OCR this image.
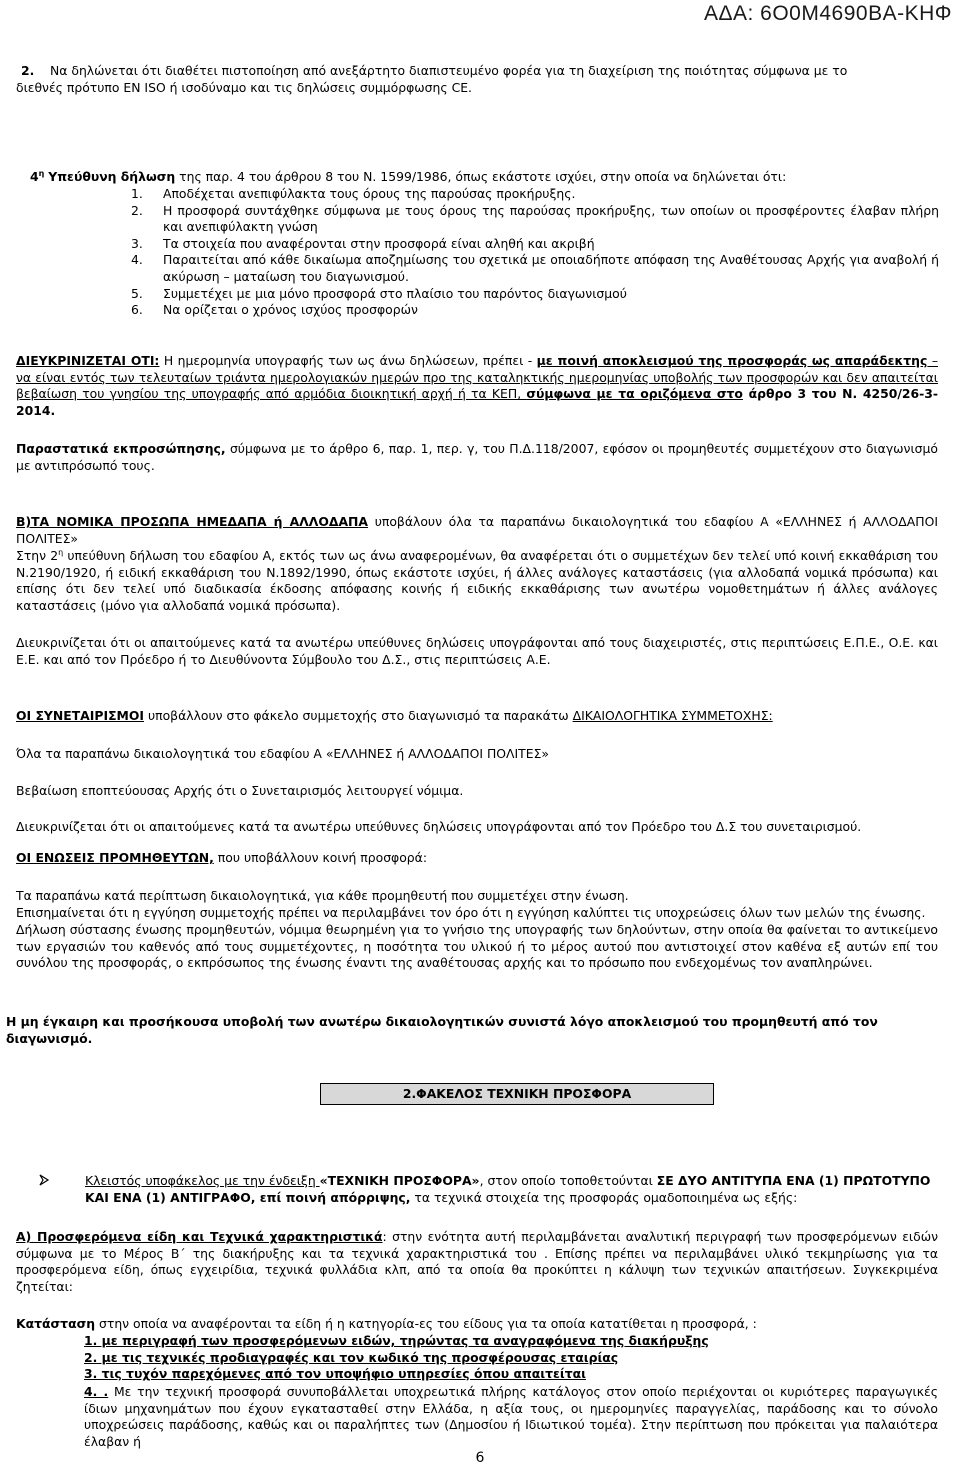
ΑΔΑ: 6Ο0Μ4690ΒΑ-ΚΗΦ
2. Να δηλώνεται ότι διαθέτει πιστοποίηση από ανεξάρτητο διαπιστευμένο φορέα για τη διαχείριση της ποιότητας σύμφωνα με το
διεθνές πρότυπο EN ISO ή ισοδύναμο και τις δηλώσεις συμμόρφωσης CE.
$4^\eta$ Υπεύθυνη δήλωση της παρ. 4 του άρθρου 8 του Ν. 1599/1986, όπως εκάστοτε ισχύει, στην οποία να δηλώνεται ότι:
1. Αποδέχεται ανεπιφύλακτα τους όρους της παρούσας προκήρυξης.
2. Η προσφορά συντάχθηκε σύμφωνα με τους όρους της παρούσας προκήρυξης, των οποίων οι προσφέροντες έλαβαν πλήρη και ανεπιφύλακτη γνώση
3. Τα στοιχεία που αναφέρονται στην προσφορά είναι αληθή και ακριβή
4. Παραιτείται από κάθε δικαίωμα αποζημίωσης του σχετικά με οποιαδήποτε απόφαση της Αναθέτουσας Αρχής για αναβολή ή ακύρωση – ματαίωση του διαγωνισμού.
5. Συμμετέχει με μια μόνο προσφορά στο πλαίσιο του παρόντος διαγωνισμού
6. Να ορίζεται ο χρόνος ισχύος προσφορών
ΔΙΕΥΚΡΙΝΙΖΕΤΑΙ ΟΤΙ: Η ημερομηνία υπογραφής των ως άνω δηλώσεων, πρέπει - με ποινή αποκλεισμού της προσφοράς ως απαράδεκτης –να είναι εντός των τελευταίων τριάντα ημερολογιακών ημερών προ της καταληκτικής ημερομηνίας υποβολής των προσφορών και δεν απαιτείται βεβαίωση του γνησίου της υπογραφής από αρμόδια διοικητική αρχή ή τα ΚΕΠ, σύμφωνα με τα οριζόμενα στο άρθρο 3 του Ν. 4250/26-3-2014.
Παραστατικά εκπροσώπησης, σύμφωνα με το άρθρο 6, παρ. 1, περ. γ, του Π.Δ.118/2007, εφόσον οι προμηθευτές συμμετέχουν στο διαγωνισμό με αντιπρόσωπό τους.
Β)ΤΑ ΝΟΜΙΚΑ ΠΡΟΣΩΠΑ ΗΜΕΔΑΠΑ ή ΑΛΛΟΔΑΠΑ υποβάλουν όλα τα παραπάνω δικαιολογητικά του εδαφίου Α «ΕΛΛΗΝΕΣ ή ΑΛΛΟΔΑΠΟΙ ΠΟΛΙΤΕΣ»
Στην $2^\eta$ υπεύθυνη δήλωση του εδαφίου Α, εκτός των ως άνω αναφερομένων, θα αναφέρεται ότι ο συμμετέχων δεν τελεί υπό κοινή εκκαθάριση του Ν.2190/1920, ή ειδική εκκαθάριση του Ν.1892/1990, όπως εκάστοτε ισχύει, ή άλλες ανάλογες καταστάσεις (για αλλοδαπά νομικά πρόσωπα) και επίσης ότι δεν τελεί υπό διαδικασία έκδοσης απόφασης κοινής ή ειδικής εκκαθάρισης των ανωτέρω νομοθετημάτων ή άλλες ανάλογες καταστάσεις (μόνο για αλλοδαπά νομικά πρόσωπα).
Διευκρινίζεται ότι οι απαιτούμενες κατά τα ανωτέρω υπεύθυνες δηλώσεις υπογράφονται από τους διαχειριστές, στις περιπτώσεις Ε.Π.Ε., Ο.Ε. και Ε.Ε. και από τον Πρόεδρο ή το Διευθύνοντα Σύμβουλο του Δ.Σ., στις περιπτώσεις Α.Ε.
ΟΙ ΣΥΝΕΤΑΙΡΙΣΜΟΙ υποβάλλουν στο φάκελο συμμετοχής στο διαγωνισμό τα παρακάτω ΔΙΚΑΙΟΛΟΓΗΤΙΚΑ ΣΥΜΜΕΤΟΧΗΣ:
Όλα τα παραπάνω δικαιολογητικά του εδαφίου Α «ΕΛΛΗΝΕΣ ή ΑΛΛΟΔΑΠΟΙ ΠΟΛΙΤΕΣ»
Βεβαίωση εποπτεύουσας Αρχής ότι ο Συνεταιρισμός λειτουργεί νόμιμα.
Διευκρινίζεται ότι οι απαιτούμενες κατά τα ανωτέρω υπεύθυνες δηλώσεις υπογράφονται από τον Πρόεδρο του Δ.Σ του συνεταιρισμού.
ΟΙ ΕΝΩΣΕΙΣ ΠΡΟΜΗΘΕΥΤΩΝ, που υποβάλλουν κοινή προσφορά:
Τα παραπάνω κατά περίπτωση δικαιολογητικά, για κάθε προμηθευτή που συμμετέχει στην ένωση.
Επισημαίνεται ότι η εγγύηση συμμετοχής πρέπει να περιλαμβάνει τον όρο ότι η εγγύηση καλύπτει τις υποχρεώσεις όλων των μελών της ένωσης.
Δήλωση σύστασης ένωσης προμηθευτών, νόμιμα θεωρημένη για το γνήσιο της υπογραφής των δηλούντων, στην οποία θα φαίνεται το αντικείμενο των εργασιών του καθενός από τους συμμετέχοντες, η ποσότητα του υλικού ή το μέρος αυτού που αντιστοιχεί στον καθένα εξ αυτών επί του συνόλου της προσφοράς, ο εκπρόσωπος της ένωσης έναντι της αναθέτουσας αρχής και το πρόσωπο που ενδεχομένως τον αναπληρώνει.
Η μη έγκαιρη και προσήκουσα υποβολή των ανωτέρω δικαιολογητικών συνιστά λόγο αποκλεισμού του προμηθευτή από τον διαγωνισμό.
2.ΦΑΚΕΛΟΣ ΤΕΧΝΙΚΗ ΠΡΟΣΦΟΡΑ
Κλειστός υποφάκελος με την ένδειξη «ΤΕΧΝΙΚΗ ΠΡΟΣΦΟΡΑ», στον οποίο τοποθετούνται ΣΕ ΔΥΟ ΑΝΤΙΤΥΠΑ ΕΝΑ (1) ΠΡΩΤΟΤΥΠΟ ΚΑΙ ΕΝΑ (1) ΑΝΤΙΓΡΑΦΟ, επί ποινή απόρριψης, τα τεχνικά στοιχεία της προσφοράς ομαδοποιημένα ως εξής:
Α) Προσφερόμενα είδη και Τεχνικά χαρακτηριστικά: στην ενότητα αυτή περιλαμβάνεται αναλυτική περιγραφή των προσφερόμενων ειδών σύμφωνα με το Μέρος Β΄ της διακήρυξης και τα τεχνικά χαρακτηριστικά του . Επίσης πρέπει να περιλαμβάνει υλικό τεκμηρίωσης για τα προσφερόμενα είδη, όπως εγχειρίδια, τεχνικά φυλλάδια κλπ, από τα οποία θα προκύπτει η κάλυψη των τεχνικών απαιτήσεων. Συγκεκριμένα ζητείται:
Κατάσταση στην οποία να αναφέρονται τα είδη ή η κατηγορία-ες του είδους για τα οποία κατατίθεται η προσφορά, :
1. με περιγραφή των προσφερόμενων ειδών, τηρώντας τα αναγραφόμενα της διακήρυξης
2. με τις τεχνικές προδιαγραφές και τον κωδικό της προσφέρουσας εταιρίας
3. τις τυχόν παρεχόμενες από τον υποψήφιο υπηρεσίες όπου απαιτείται
4. . Με την τεχνική προσφορά συνυποβάλλεται υποχρεωτικά πλήρης κατάλογος στον οποίο περιέχονται οι κυριότερες παραγωγικές ίδιων μηχανημάτων που έχουν εγκατασταθεί στην Ελλάδα, η αξία τους, οι ημερομηνίες παραγγελίας, παράδοσης και το σύνολο υποχρεώσεις παράδοσης, καθώς και οι παραλήπτες των (Δημοσίου ή Ιδιωτικού τομέα). Στην περίπτωση που πρόκειται για παλαιότερα έλαβαν ή
6
